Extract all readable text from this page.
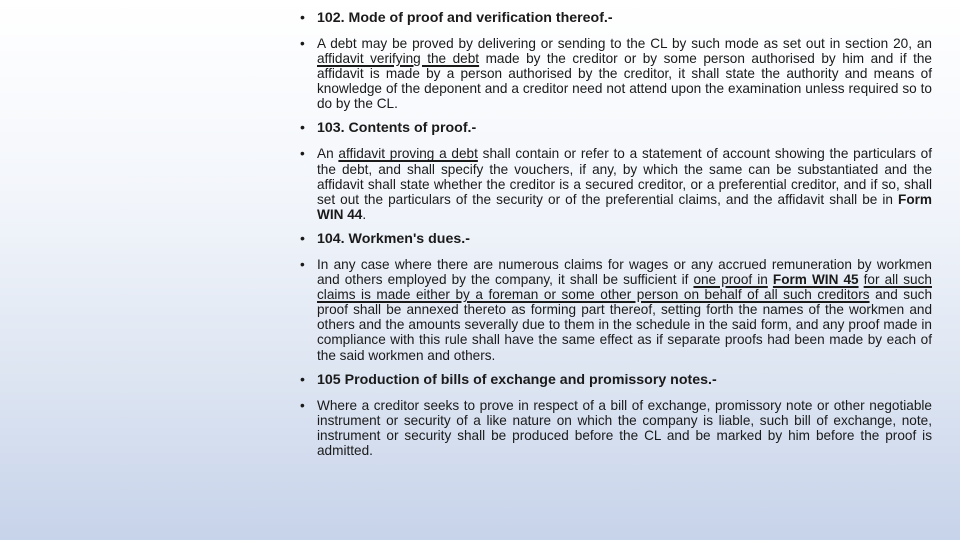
• 102. Mode of proof and verification thereof.-
• A debt may be proved by delivering or sending to the CL by such mode as set out in section 20, an affidavit verifying the debt made by the creditor or by some person authorised by him and if the affidavit is made by a person authorised by the creditor, it shall state the authority and means of knowledge of the deponent and a creditor need not attend upon the examination unless required so to do by the CL.
• 103. Contents of proof.-
• An affidavit proving a debt shall contain or refer to a statement of account showing the particulars of the debt, and shall specify the vouchers, if any, by which the same can be substantiated and the affidavit shall state whether the creditor is a secured creditor, or a preferential creditor, and if so, shall set out the particulars of the security or of the preferential claims, and the affidavit shall be in Form WIN 44.
• 104. Workmen's dues.-
• In any case where there are numerous claims for wages or any accrued remuneration by workmen and others employed by the company, it shall be sufficient if one proof in Form WIN 45 for all such claims is made either by a foreman or some other person on behalf of all such creditors and such proof shall be annexed thereto as forming part thereof, setting forth the names of the workmen and others and the amounts severally due to them in the schedule in the said form, and any proof made in compliance with this rule shall have the same effect as if separate proofs had been made by each of the said workmen and others.
• 105 Production of bills of exchange and promissory notes.-
• Where a creditor seeks to prove in respect of a bill of exchange, promissory note or other negotiable instrument or security of a like nature on which the company is liable, such bill of exchange, note, instrument or security shall be produced before the CL and be marked by him before the proof is admitted.
